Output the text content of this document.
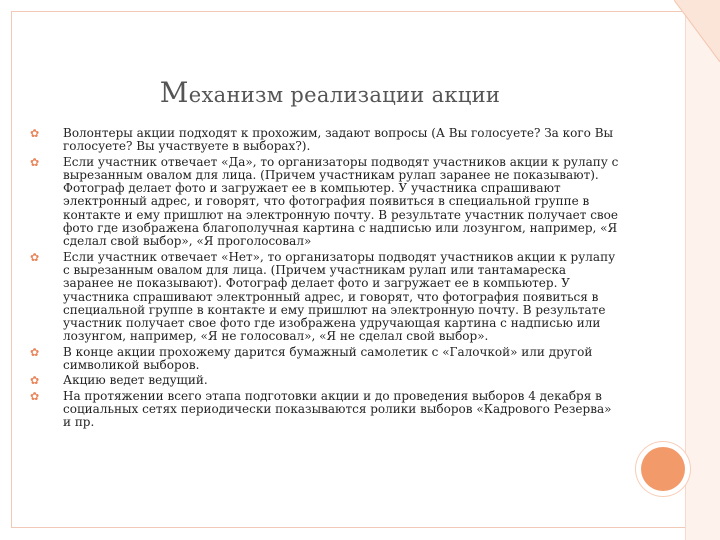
Механизм реализации акции
✿ Волонтеры акции подходят к прохожим, задают вопросы (А Вы голосуете? За кого Вы голосуете? Вы участвуете в выборах?).
✿ Если участник отвечает «Да», то организаторы подводят участников акции к рулапу с вырезанным овалом для лица. (Причем участникам рулап заранее не показывают). Фотограф делает фото и загружает ее в компьютер. У участника спрашивают электронный адрес, и говорят, что фотография появиться в специальной группе в контакте и ему пришлют на электронную почту. В результате участник получает свое фото где изображена благополучная картина с надписью или лозунгом, например, «Я сделал свой выбор», «Я проголосовал»
✿ Если участник отвечает «Нет», то организаторы подводят участников акции к рулапу с вырезанным овалом для лица. (Причем участникам рулап или тантамареска заранее не показывают). Фотограф делает фото и загружает ее в компьютер. У участника спрашивают электронный адрес, и говорят, что фотография появиться в специальной группе в контакте и ему пришлют на электронную почту. В результате участник получает свое фото где изображена удручающая картина с надписью или лозунгом, например, «Я не голосовал», «Я не сделал свой выбор».
✿ В конце акции прохожему дарится бумажный самолетик с «Галочкой» или другой символикой выборов.
✿ Акцию ведет ведущий.
✿ На протяжении всего этапа подготовки акции и до проведения выборов 4 декабря в социальных сетях периодически показываются ролики выборов «Кадрового Резерва» и пр.
